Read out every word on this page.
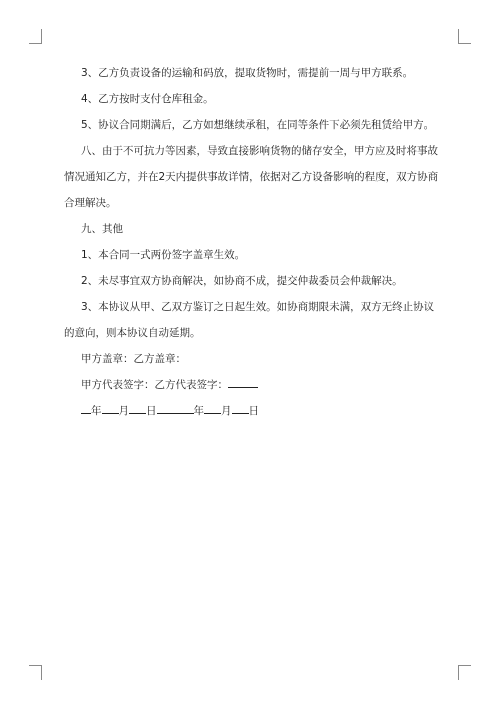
3、乙方负责设备的运输和码放，提取货物时，需提前一周与甲方联系。

4、乙方按时支付仓库租金。

5、协议合同期满后，乙方如想继续承租，在同等条件下必须先租赁给甲方。

八、由于不可抗力等因素，导致直接影响货物的储存安全，甲方应及时将事故情况通知乙方，并在2天内提供事故详情，依据对乙方设备影响的程度，双方协商合理解决。

九、其他

1、本合同一式两份签字盖章生效。

2、未尽事宜双方协商解决，如协商不成，提交仲裁委员会仲裁解决。

3、本协议从甲、乙双方鉴订之日起生效。如协商期限未满，双方无终止协议的意向，则本协议自动延期。

甲方盖章：乙方盖章：

甲方代表签字：乙方代表签字：

年 月 日	年 月 日
